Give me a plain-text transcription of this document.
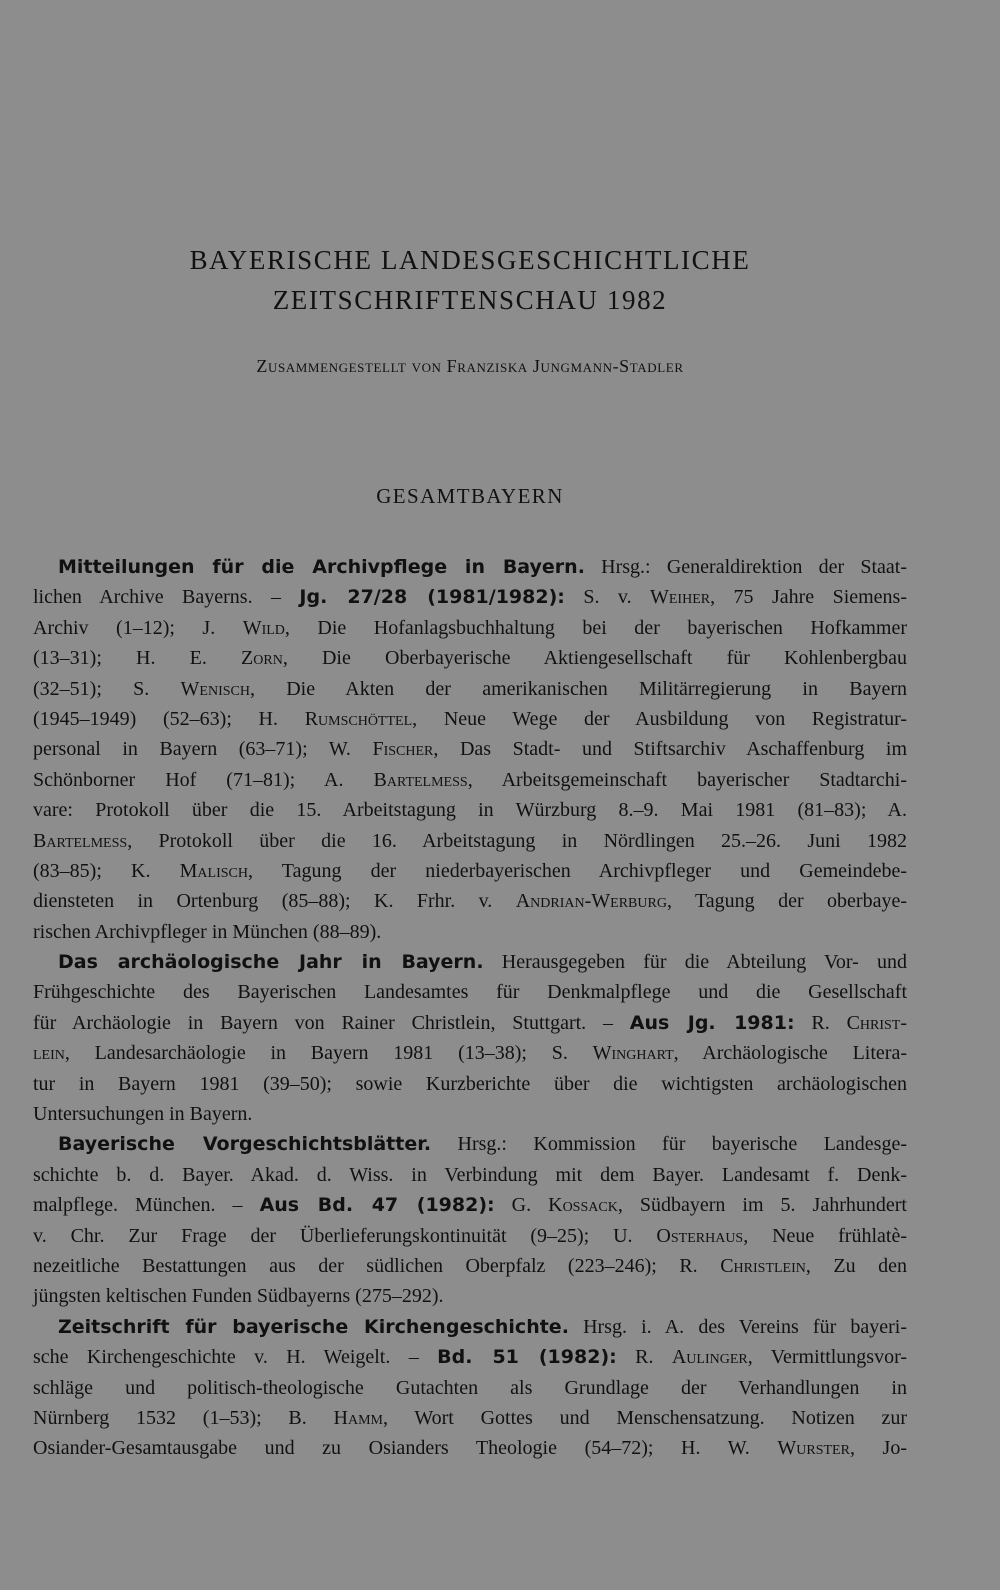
BAYERISCHE LANDESGESCHICHTLICHE
ZEITSCHRIFTENSCHAU 1982
Zusammengestellt von Franziska Jungmann-Stadler
GESAMTBAYERN
Mitteilungen für die Archivpflege in Bayern. Hrsg.: Generaldirektion der Staat-
lichen Archive Bayerns. – Jg. 27/28 (1981/1982): S. v. Weiher, 75 Jahre Siemens-
Archiv (1–12); J. Wild, Die Hofanlagsbuchhaltung bei der bayerischen Hofkammer
(13–31); H. E. Zorn, Die Oberbayerische Aktiengesellschaft für Kohlenbergbau
(32–51); S. Wenisch, Die Akten der amerikanischen Militärregierung in Bayern
(1945–1949) (52–63); H. Rumschöttel, Neue Wege der Ausbildung von Registratur-
personal in Bayern (63–71); W. Fischer, Das Stadt- und Stiftsarchiv Aschaffenburg im
Schönborner Hof (71–81); A. Bartelmess, Arbeitsgemeinschaft bayerischer Stadtarchi-
vare: Protokoll über die 15. Arbeitstagung in Würzburg 8.–9. Mai 1981 (81–83); A.
Bartelmess, Protokoll über die 16. Arbeitstagung in Nördlingen 25.–26. Juni 1982
(83–85); K. Malisch, Tagung der niederbayerischen Archivpfleger und Gemeindebe-
diensteten in Ortenburg (85–88); K. Frhr. v. Andrian-Werburg, Tagung der oberbaye-
rischen Archivpfleger in München (88–89).
Das archäologische Jahr in Bayern. Herausgegeben für die Abteilung Vor- und
Frühgeschichte des Bayerischen Landesamtes für Denkmalpflege und die Gesellschaft
für Archäologie in Bayern von Rainer Christlein, Stuttgart. – Aus Jg. 1981: R. Christ-
lein, Landesarchäologie in Bayern 1981 (13–38); S. Winghart, Archäologische Litera-
tur in Bayern 1981 (39–50); sowie Kurzberichte über die wichtigsten archäologischen
Untersuchungen in Bayern.
Bayerische Vorgeschichtsblätter. Hrsg.: Kommission für bayerische Landesge-
schichte b. d. Bayer. Akad. d. Wiss. in Verbindung mit dem Bayer. Landesamt f. Denk-
malpflege. München. – Aus Bd. 47 (1982): G. Kossack, Südbayern im 5. Jahrhundert
v. Chr. Zur Frage der Überlieferungskontinuität (9–25); U. Osterhaus, Neue frühlatè-
nezeitliche Bestattungen aus der südlichen Oberpfalz (223–246); R. Christlein, Zu den
jüngsten keltischen Funden Südbayerns (275–292).
Zeitschrift für bayerische Kirchengeschichte. Hrsg. i. A. des Vereins für bayeri-
sche Kirchengeschichte v. H. Weigelt. – Bd. 51 (1982): R. Aulinger, Vermittlungsvor-
schläge und politisch-theologische Gutachten als Grundlage der Verhandlungen in
Nürnberg 1532 (1–53); B. Hamm, Wort Gottes und Menschensatzung. Notizen zur
Osiander-Gesamtausgabe und zu Osianders Theologie (54–72); H. W. Wurster, Jo-
